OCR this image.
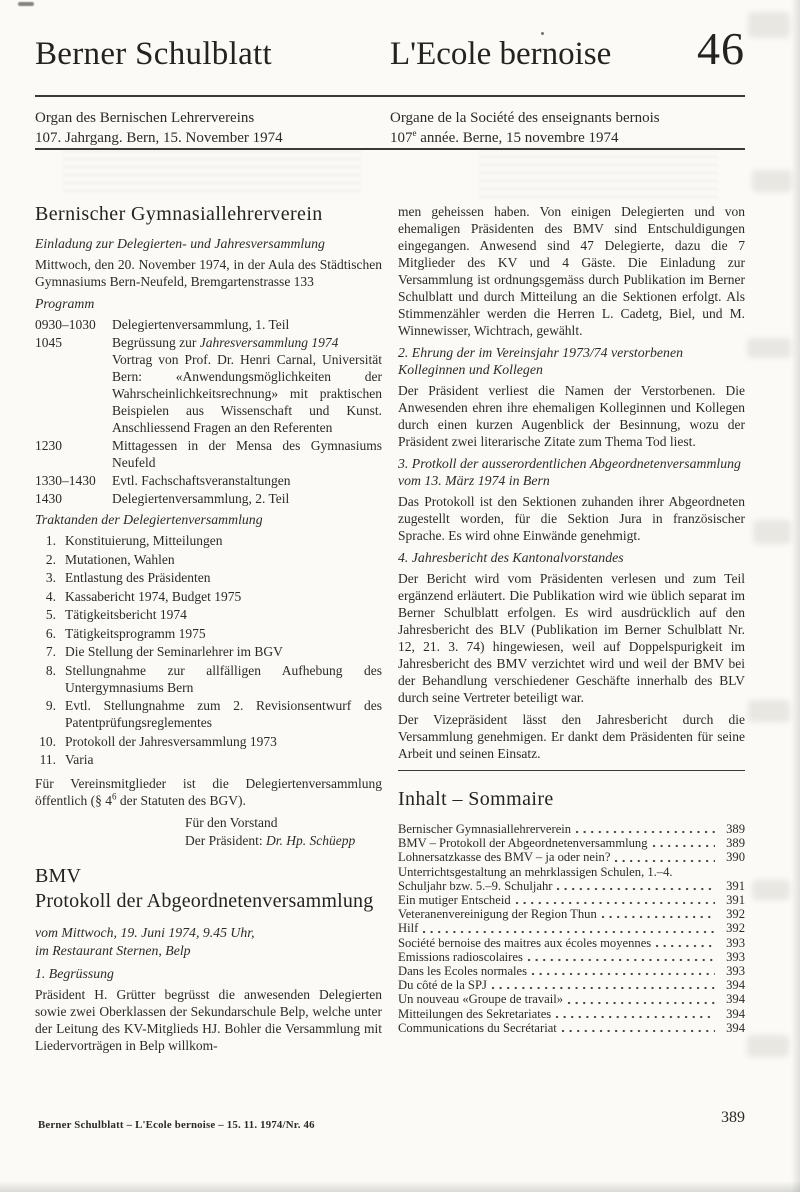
Berner Schulblatt	L'Ecole bernoise	46
Organ des Bernischen Lehrervereins
107. Jahrgang. Bern, 15. November 1974
Organe de la Société des enseignants bernois
107e année. Berne, 15 novembre 1974
Bernischer Gymnasiallehrerverein
Einladung zur Delegierten- und Jahresversammlung
Mittwoch, den 20. November 1974, in der Aula des Städtischen Gymnasiums Bern-Neufeld, Bremgartenstrasse 133
Programm
0930–1030	Delegiertenversammlung, 1. Teil
1045	Begrüssung zur Jahresversammlung 1974
Vortrag von Prof. Dr. Henri Carnal, Universität Bern: «Anwendungsmöglichkeiten der Wahrscheinlichkeitsrechnung» mit praktischen Beispielen aus Wissenschaft und Kunst. Anschliessend Fragen an den Referenten
1230	Mittagessen in der Mensa des Gymnasiums Neufeld
1330–1430	Evtl. Fachschaftsveranstaltungen
1430	Delegiertenversammlung, 2. Teil
Traktanden der Delegiertenversammlung
1. Konstituierung, Mitteilungen
2. Mutationen, Wahlen
3. Entlastung des Präsidenten
4. Kassabericht 1974, Budget 1975
5. Tätigkeitsbericht 1974
6. Tätigkeitsprogramm 1975
7. Die Stellung der Seminarlehrer im BGV
8. Stellungnahme zur allfälligen Aufhebung des Untergymnasiums Bern
9. Evtl. Stellungnahme zum 2. Revisionsentwurf des Patentprüfungsreglementes
10. Protokoll der Jahresversammlung 1973
11. Varia
Für Vereinsmitglieder ist die Delegiertenversammlung öffentlich (§ $4^6$ der Statuten des BGV).
Für den Vorstand
Der Präsident: Dr. Hp. Schüepp
BMV
Protokoll der Abgeordnetenversammlung
vom Mittwoch, 19. Juni 1974, 9.45 Uhr,
im Restaurant Sternen, Belp
1. Begrüssung
Präsident H. Grütter begrüsst die anwesenden Delegierten sowie zwei Oberklassen der Sekundarschule Belp, welche unter der Leitung des KV-Mitglieds HJ. Bohler die Versammlung mit Liedervorträgen in Belp willkom-
men geheissen haben. Von einigen Delegierten und von ehemaligen Präsidenten des BMV sind Entschuldigungen eingegangen. Anwesend sind 47 Delegierte, dazu die 7 Mitglieder des KV und 4 Gäste. Die Einladung zur Versammlung ist ordnungsgemäss durch Publikation im Berner Schulblatt und durch Mitteilung an die Sektionen erfolgt. Als Stimmenzähler werden die Herren L. Cadetg, Biel, und M. Winnewisser, Wichtrach, gewählt.
2. Ehrung der im Vereinsjahr 1973/74 verstorbenen Kolleginnen und Kollegen
Der Präsident verliest die Namen der Verstorbenen. Die Anwesenden ehren ihre ehemaligen Kolleginnen und Kollegen durch einen kurzen Augenblick der Besinnung, wozu der Präsident zwei literarische Zitate zum Thema Tod liest.
3. Protkoll der ausserordentlichen Abgeordnetenversammlung vom 13. März 1974 in Bern
Das Protokoll ist den Sektionen zuhanden ihrer Abgeordneten zugestellt worden, für die Sektion Jura in französischer Sprache. Es wird ohne Einwände genehmigt.
4. Jahresbericht des Kantonalvorstandes
Der Bericht wird vom Präsidenten verlesen und zum Teil ergänzend erläutert. Die Publikation wird wie üblich separat im Berner Schulblatt erfolgen. Es wird ausdrücklich auf den Jahresbericht des BLV (Publikation im Berner Schulblatt Nr. 12, 21. 3. 74) hingewiesen, weil auf Doppelspurigkeit im Jahresbericht des BMV verzichtet wird und weil der BMV bei der Behandlung verschiedener Geschäfte innerhalb des BLV durch seine Vertreter beteiligt war.
Der Vizepräsident lässt den Jahresbericht durch die Versammlung genehmigen. Er dankt dem Präsidenten für seine Arbeit und seinen Einsatz.
Inhalt – Sommaire
Bernischer Gymnasiallehrerverein	389
BMV – Protokoll der Abgeordnetenversammlung	389
Lohnersatzkasse des BMV – ja oder nein?	390
Unterrichtsgestaltung an mehrklassigen Schulen, 1.–4.
Schuljahr bzw. 5.–9. Schuljahr	391
Ein mutiger Entscheid	391
Veteranenvereinigung der Region Thun	392
Hilf	392
Société bernoise des maitres aux écoles moyennes	393
Emissions radioscolaires	393
Dans les Ecoles normales	393
Du côté de la SPJ	394
Un nouveau «Groupe de travail»	394
Mitteilungen des Sekretariates	394
Communications du Secrétariat	394
Berner Schulblatt – L'Ecole bernoise – 15. 11. 1974/Nr. 46	389
